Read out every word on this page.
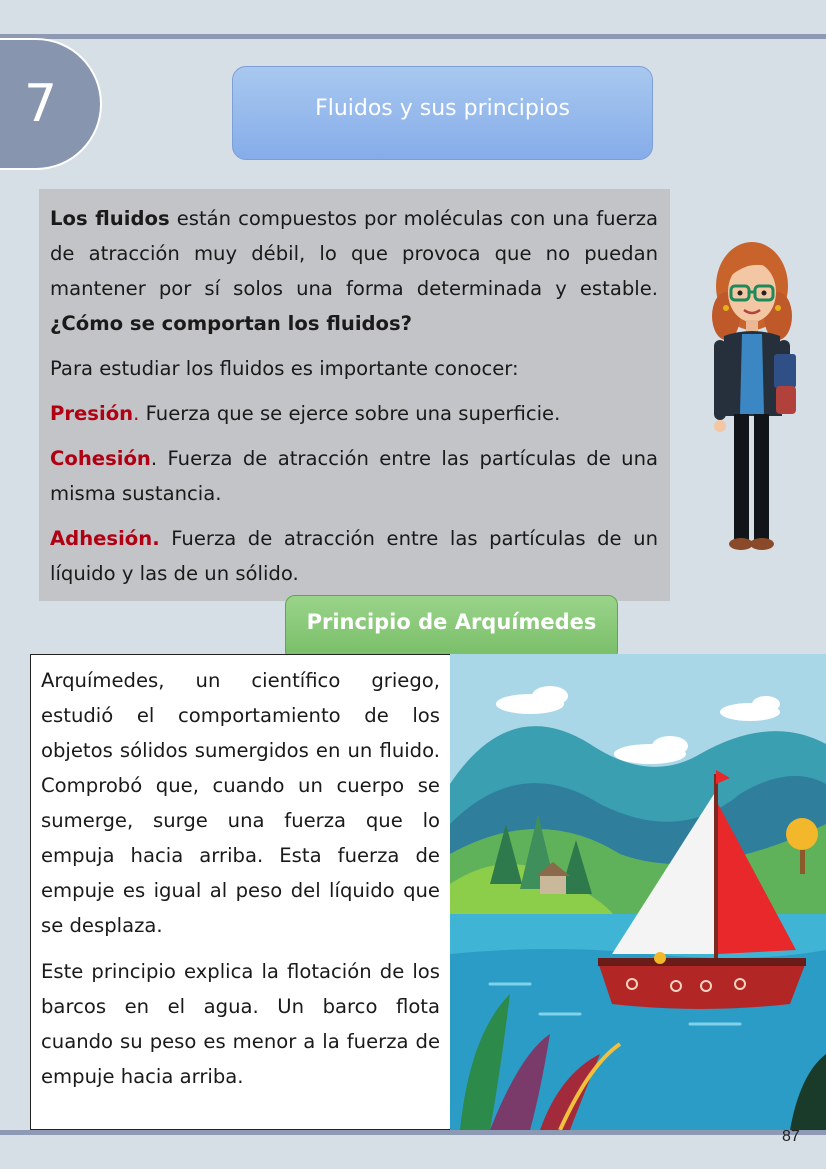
7	Fluidos y sus principios

Los fluidos están compuestos por moléculas con una fuerza de atracción muy débil, lo que provoca que no puedan mantener por sí solos una forma determinada y estable. ¿Cómo se comportan los fluidos?

Para estudiar los fluidos es importante conocer:

Presión. Fuerza que se ejerce sobre una superficie.

Cohesión. Fuerza de atracción entre las partículas de una misma sustancia.

Adhesión. Fuerza de atracción entre las partículas de un líquido y las de un sólido.

Principio de Arquímedes

Arquímedes, un científico griego, estudió el comportamiento de los objetos sólidos sumergidos en un fluido. Comprobó que, cuando un cuerpo se sumerge, surge una fuerza que lo empuja hacia arriba. Esta fuerza de empuje es igual al peso del líquido que se desplaza.

Este principio explica la flotación de los barcos en el agua. Un barco flota cuando su peso es menor a la fuerza de empuje hacia arriba.

87
